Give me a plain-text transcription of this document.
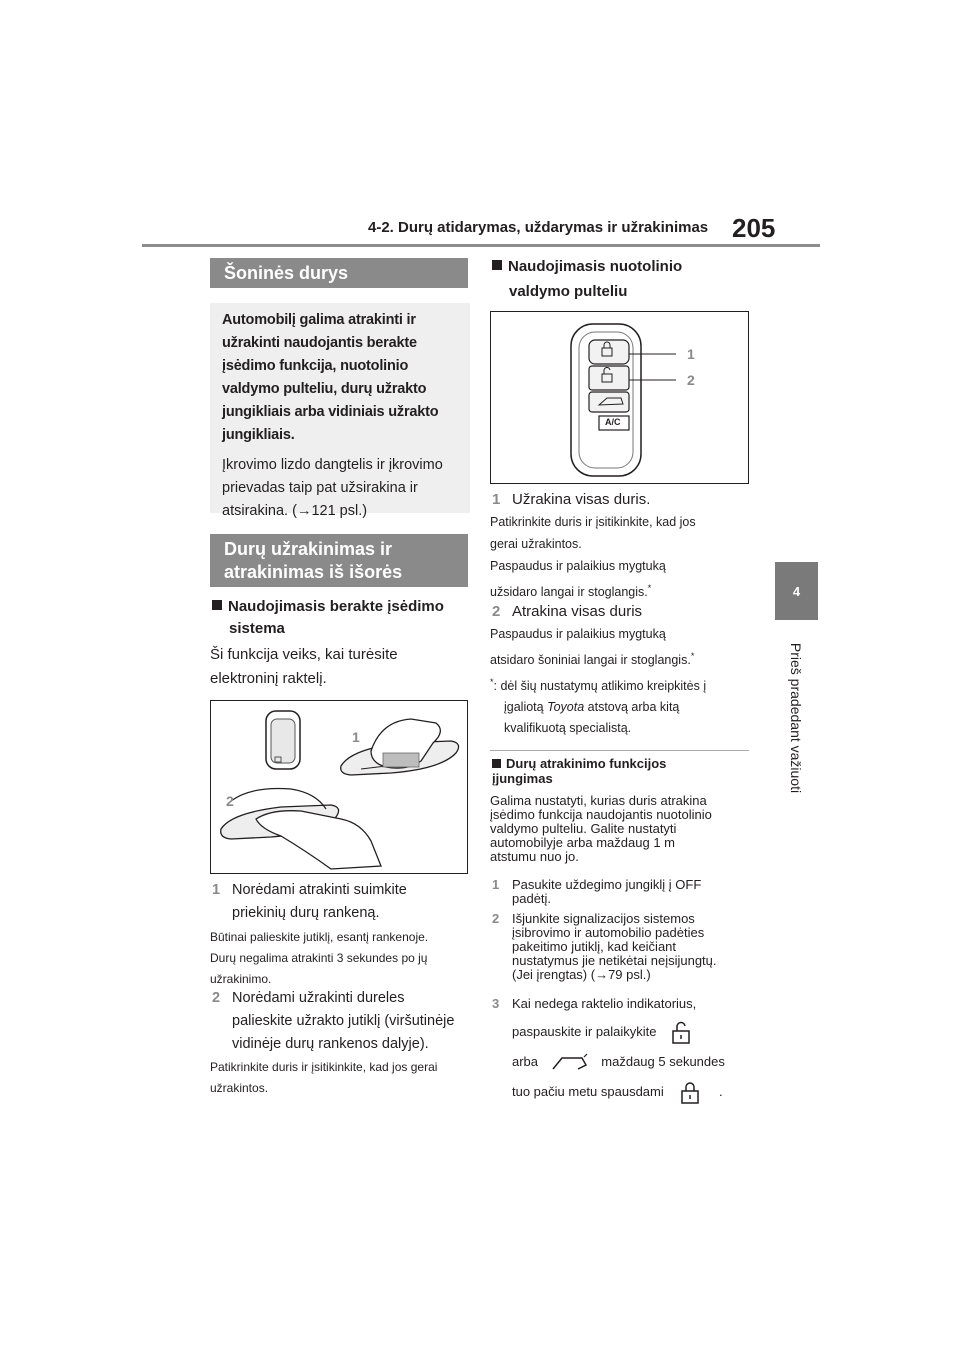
4-2. Durų atidarymas, uždarymas ir užrakinimas 205
4
Prieš pradedant važiuoti
Šoninės durys

Automobilį galima atrakinti ir

užrakinti naudojantis berakte

įsėdimo funkcija, nuotolinio

valdymo pulteliu, durų užrakto

jungikliais arba vidiniais užrakto

jungikliais.

Įkrovimo lizdo dangtelis ir įkrovimo

prievadas taip pat užsirakina ir

atsirakina. (→121 psl.)

Durų užrakinimas ir
atrakinimas iš išorės
Naudojimasis berakte įsėdimo
sistema
Ši funkcija veiks, kai turėsite
elektroninį raktelį.
1
2
1 Norėdami atrakinti suimkite
priekinių durų rankeną.
Būtinai palieskite jutiklį, esantį rankenoje.
Durų negalima atrakinti 3 sekundes po jų
užrakinimo.
2 Norėdami užrakinti dureles
palieskite užrakto jutiklį (viršutinėje
vidinėje durų rankenos dalyje).
Patikrinkite duris ir įsitikinkite, kad jos gerai
užrakintos.
Naudojimasis nuotolinio
valdymo pulteliu
A/C
1
2
1 Užrakina visas duris.
Patikrinkite duris ir įsitikinkite, kad jos
gerai užrakintos.
Paspaudus ir palaikius mygtuką
užsidaro langai ir stoglangis.*
2 Atrakina visas duris
Paspaudus ir palaikius mygtuką
atsidaro šoniniai langai ir stoglangis.*
*: dėl šių nustatymų atlikimo kreipkitės į
įgaliotą Toyota atstovą arba kitą
kvalifikuotą specialistą.
Durų atrakinimo funkcijos
įjungimas
Galima nustatyti, kurias duris atrakina
įsėdimo funkcija naudojantis nuotolinio
valdymo pulteliu. Galite nustatyti
automobilyje arba maždaug 1 m
atstumu nuo jo.
1 Pasukite uždegimo jungiklį į OFF
padėtį.
2 Išjunkite signalizacijos sistemos
įsibrovimo ir automobilio padėties
pakeitimo jutiklį, kad keičiant
nustatymus jie netikėtai neįsijungtų.
(Jei įrengtas) (→79 psl.)
3 Kai nedega raktelio indikatorius,
paspauskite ir palaikykite
arba	maždaug 5 sekundes
tuo pačiu metu spausdami	.
